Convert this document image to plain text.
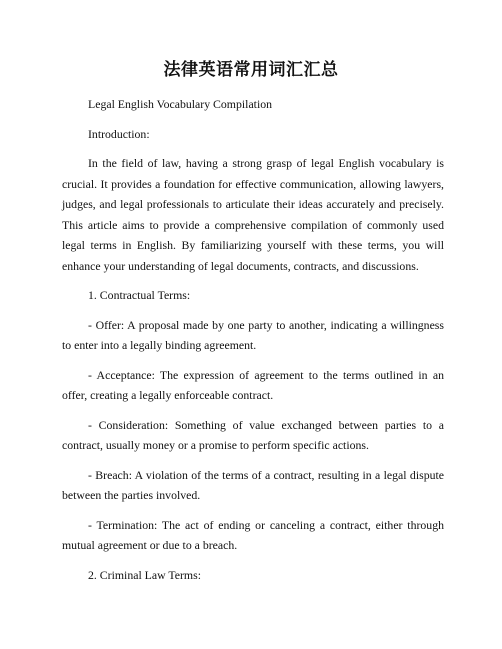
法律英语常用词汇汇总

Legal English Vocabulary Compilation

Introduction:

In the field of law, having a strong grasp of legal English vocabulary is crucial. It provides a foundation for effective communication, allowing lawyers, judges, and legal professionals to articulate their ideas accurately and precisely. This article aims to provide a comprehensive compilation of commonly used legal terms in English. By familiarizing yourself with these terms, you will enhance your understanding of legal documents, contracts, and discussions.

1. Contractual Terms:

- Offer: A proposal made by one party to another, indicating a willingness to enter into a legally binding agreement.

- Acceptance: The expression of agreement to the terms outlined in an offer, creating a legally enforceable contract.

- Consideration: Something of value exchanged between parties to a contract, usually money or a promise to perform specific actions.

- Breach: A violation of the terms of a contract, resulting in a legal dispute between the parties involved.

- Termination: The act of ending or canceling a contract, either through mutual agreement or due to a breach.

2. Criminal Law Terms:
